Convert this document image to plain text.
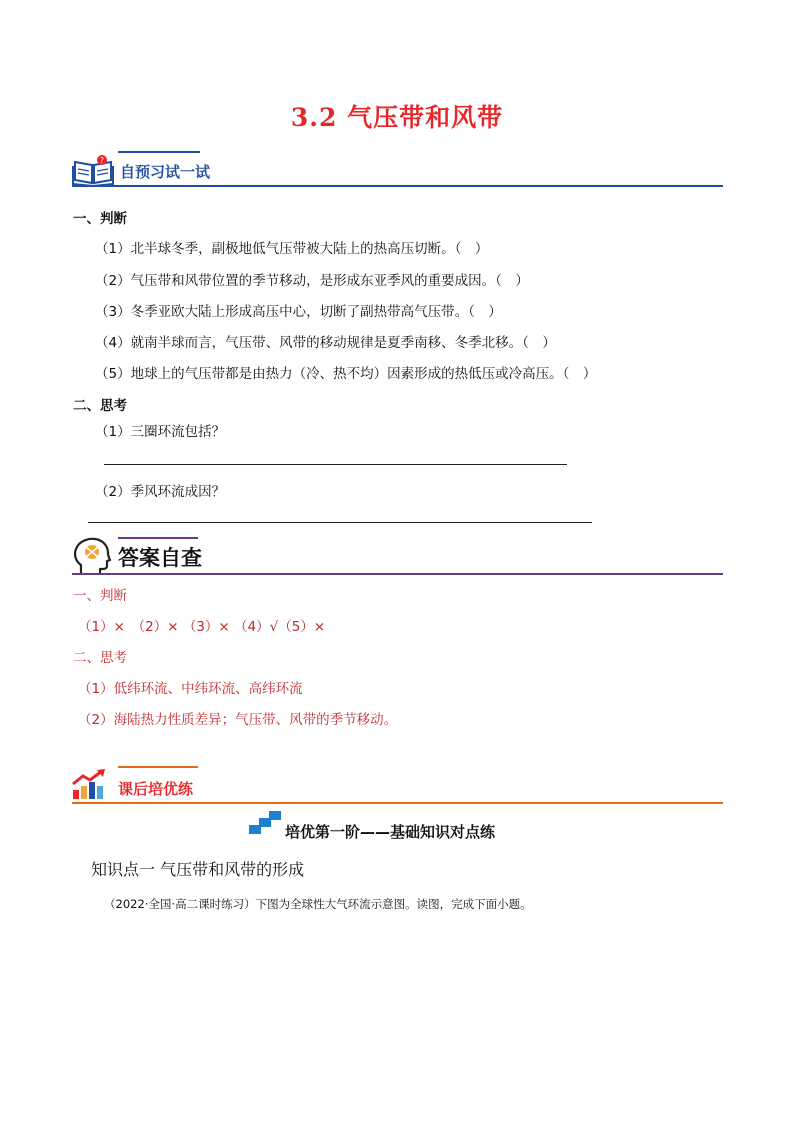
3.2 气压带和风带
?
自预习试一试
一、判断
（1）北半球冬季，副极地低气压带被大陆上的热高压切断。（　）
（2）气压带和风带位置的季节移动，是形成东亚季风的重要成因。（　）
（3）冬季亚欧大陆上形成高压中心，切断了副热带高气压带。（　）
（4）就南半球而言，气压带、风带的移动规律是夏季南移、冬季北移。（　）
（5）地球上的气压带都是由热力（冷、热不均）因素形成的热低压或冷高压。（　）
二、思考
（1）三圈环流包括？
（2）季风环流成因？
答案自查
一、判断
（1）×　（2）× （3）× （4）√（5）×
二、思考
（1）低纬环流、中纬环流、高纬环流
（2）海陆热力性质差异；气压带、风带的季节移动。
课后培优练
培优第一阶——基础知识对点练
知识点一 气压带和风带的形成
（2022·全国·高二课时练习）下图为全球性大气环流示意图。读图，完成下面小题。
